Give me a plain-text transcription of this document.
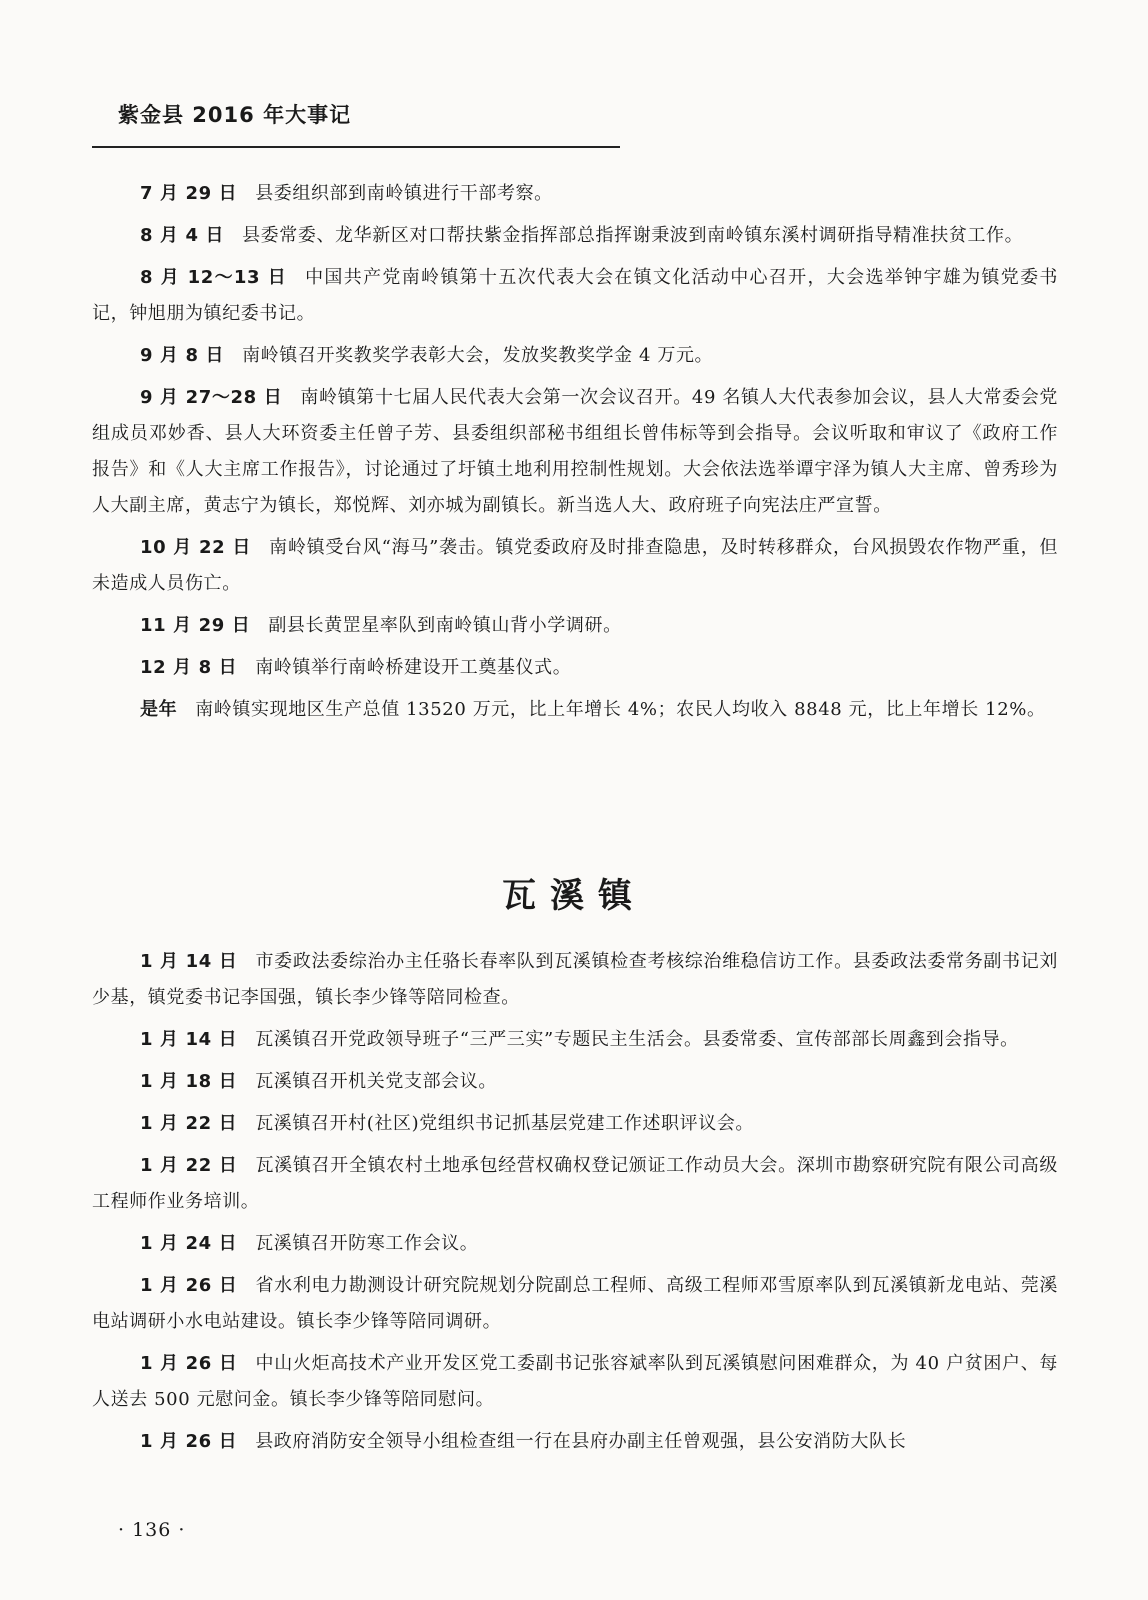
紫金县 2016 年大事记

7 月 29 日 县委组织部到南岭镇进行干部考察。

8 月 4 日 县委常委、龙华新区对口帮扶紫金指挥部总指挥谢秉波到南岭镇东溪村调研指导精准扶贫工作。

8 月 12～13 日 中国共产党南岭镇第十五次代表大会在镇文化活动中心召开，大会选举钟宇雄为镇党委书记，钟旭朋为镇纪委书记。

9 月 8 日 南岭镇召开奖教奖学表彰大会，发放奖教奖学金 4 万元。

9 月 27～28 日 南岭镇第十七届人民代表大会第一次会议召开。49 名镇人大代表参加会议，县人大常委会党组成员邓妙香、县人大环资委主任曾子芳、县委组织部秘书组组长曾伟标等到会指导。会议听取和审议了《政府工作报告》和《人大主席工作报告》，讨论通过了圩镇土地利用控制性规划。大会依法选举谭宇泽为镇人大主席、曾秀珍为人大副主席，黄志宁为镇长，郑悦辉、刘亦城为副镇长。新当选人大、政府班子向宪法庄严宣誓。

10 月 22 日 南岭镇受台风“海马”袭击。镇党委政府及时排查隐患，及时转移群众，台风损毁农作物严重，但未造成人员伤亡。

11 月 29 日 副县长黄罡星率队到南岭镇山背小学调研。

12 月 8 日 南岭镇举行南岭桥建设开工奠基仪式。

是年 南岭镇实现地区生产总值 13520 万元，比上年增长 4%；农民人均收入 8848 元，比上年增长 12%。

瓦溪镇

1 月 14 日 市委政法委综治办主任骆长春率队到瓦溪镇检查考核综治维稳信访工作。县委政法委常务副书记刘少基，镇党委书记李国强，镇长李少锋等陪同检查。

1 月 14 日 瓦溪镇召开党政领导班子“三严三实”专题民主生活会。县委常委、宣传部部长周鑫到会指导。

1 月 18 日 瓦溪镇召开机关党支部会议。

1 月 22 日 瓦溪镇召开村(社区)党组织书记抓基层党建工作述职评议会。

1 月 22 日 瓦溪镇召开全镇农村土地承包经营权确权登记颁证工作动员大会。深圳市勘察研究院有限公司高级工程师作业务培训。

1 月 24 日 瓦溪镇召开防寒工作会议。

1 月 26 日 省水利电力勘测设计研究院规划分院副总工程师、高级工程师邓雪原率队到瓦溪镇新龙电站、莞溪电站调研小水电站建设。镇长李少锋等陪同调研。

1 月 26 日 中山火炬高技术产业开发区党工委副书记张容斌率队到瓦溪镇慰问困难群众，为 40 户贫困户、每人送去 500 元慰问金。镇长李少锋等陪同慰问。

1 月 26 日 县政府消防安全领导小组检查组一行在县府办副主任曾观强，县公安消防大队长

· 136 ·
